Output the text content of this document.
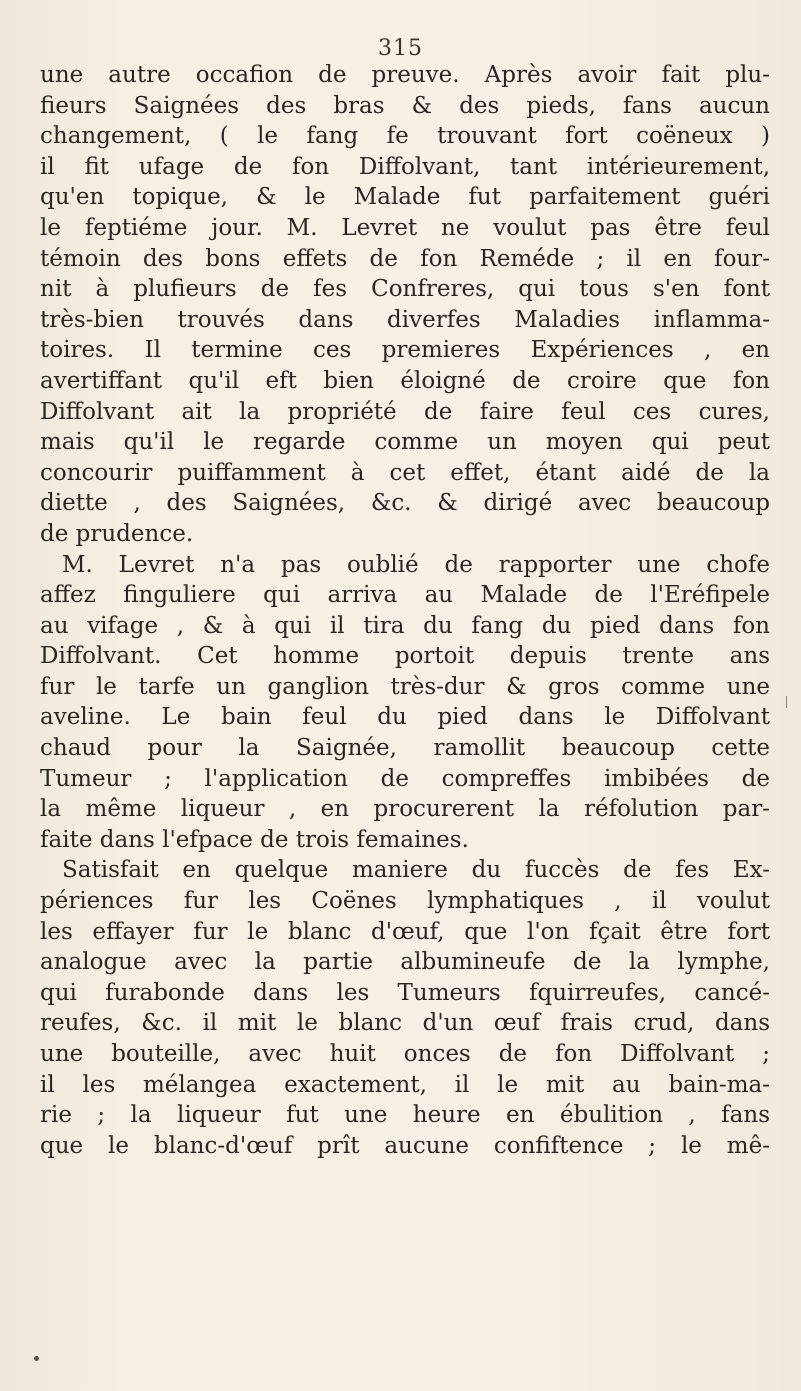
315
une autre occafion de preuve. Après avoir fait plu-
fieurs Saignées des bras & des pieds, fans aucun
changement, ( le fang fe trouvant fort coëneux )
il fit ufage de fon Diffolvant, tant intérieurement,
qu'en topique, & le Malade fut parfaitement guéri
le feptiéme jour. M. Levret ne voulut pas être feul
témoin des bons effets de fon Reméde ; il en four-
nit à plufieurs de fes Confreres, qui tous s'en font
très-bien trouvés dans diverfes Maladies inflamma-
toires. Il termine ces premieres Expériences , en
avertiffant qu'il eft bien éloigné de croire que fon
Diffolvant ait la propriété de faire feul ces cures,
mais qu'il le regarde comme un moyen qui peut
concourir puiffamment à cet effet, étant aidé de la
diette , des Saignées, &c. & dirigé avec beaucoup
de prudence.
M. Levret n'a pas oublié de rapporter une chofe
affez finguliere qui arriva au Malade de l'Eréfipele
au vifage , & à qui il tira du fang du pied dans fon
Diffolvant. Cet homme portoit depuis trente ans
fur le tarfe un ganglion très-dur & gros comme une
aveline. Le bain feul du pied dans le Diffolvant
chaud pour la Saignée, ramollit beaucoup cette
Tumeur ; l'application de compreffes imbibées de
la même liqueur , en procurerent la réfolution par-
faite dans l'efpace de trois femaines.
Satisfait en quelque maniere du fuccès de fes Ex-
périences fur les Coënes lymphatiques , il voulut
les effayer fur le blanc d'œuf, que l'on fçait être fort
analogue avec la partie albumineufe de la lymphe,
qui furabonde dans les Tumeurs fquirreufes, cancé-
reufes, &c. il mit le blanc d'un œuf frais crud, dans
une bouteille, avec huit onces de fon Diffolvant ;
il les mélangea exactement, il le mit au bain-ma-
rie ; la liqueur fut une heure en ébulition , fans
que le blanc-d'œuf prît aucune confiftence ; le mê-
